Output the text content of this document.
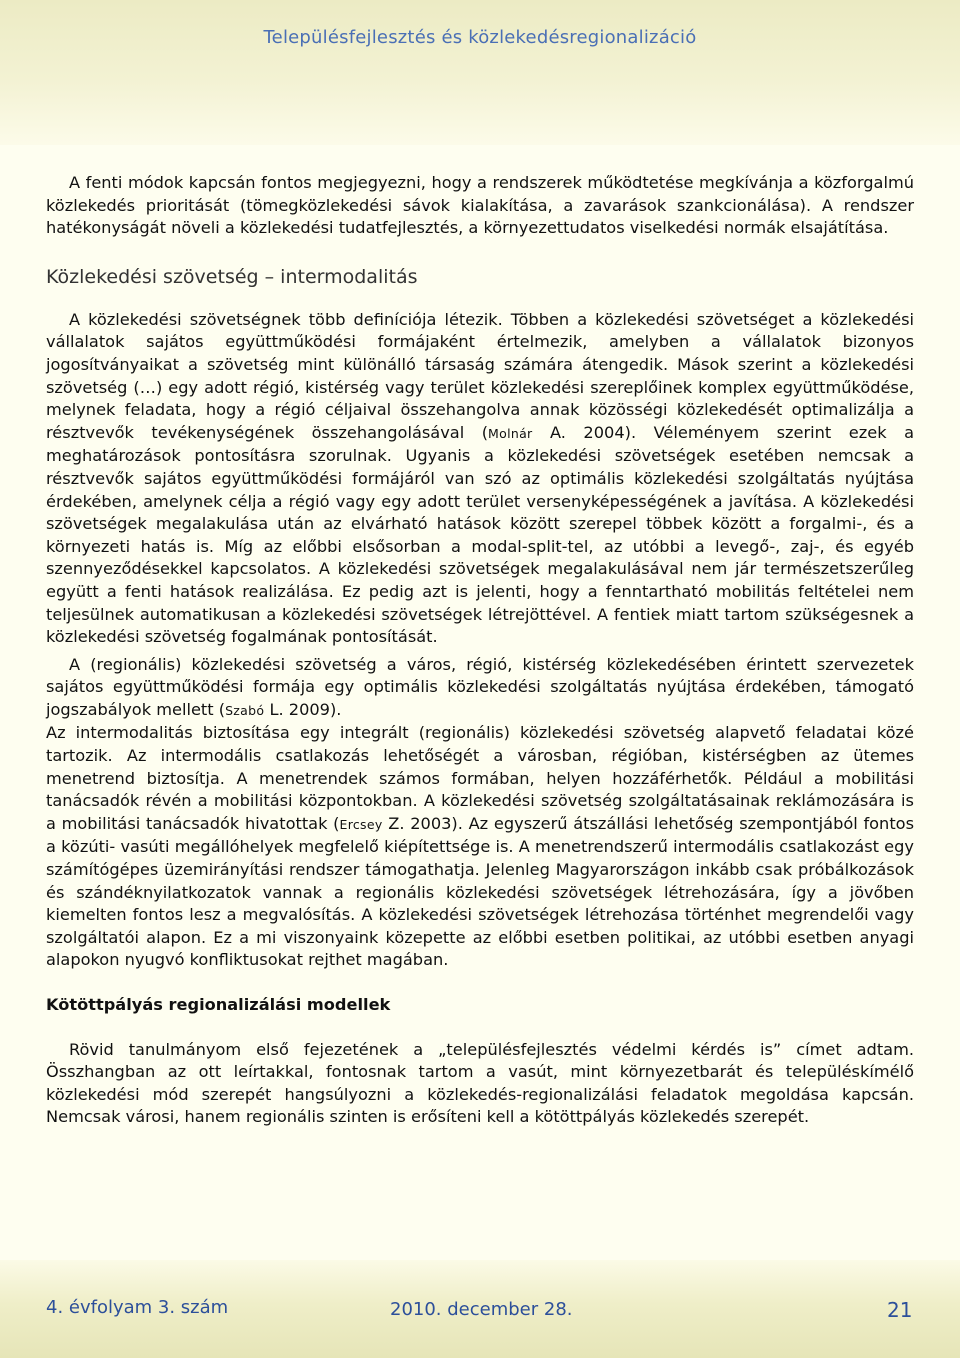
Településfejlesztés és közlekedésregionalizáció

A fenti módok kapcsán fontos megjegyezni, hogy a rendszerek működtetése megkívánja a közforgalmú közlekedés prioritását (tömegközlekedési sávok kialakítása, a zavarások szankcionálása). A rendszer hatékonyságát növeli a közlekedési tudatfejlesztés, a környezettudatos viselkedési normák elsajátítása.

Közlekedési szövetség – intermodalitás

A közlekedési szövetségnek több definíciója létezik. Többen a közlekedési szövetséget a közlekedési vállalatok sajátos együttműködési formájaként értelmezik, amelyben a vállalatok bizonyos jogosítványaikat a szövetség mint különálló társaság számára átengedik. Mások szerint a közlekedési szövetség (…) egy adott régió, kistérség vagy terület közlekedési szereplőinek komplex együttműködése, melynek feladata, hogy a régió céljaival összehangolva annak közösségi közlekedését optimalizálja a résztvevők tevékenységének összehangolásával (Molnár A. 2004). Véleményem szerint ezek a meghatározások pontosításra szorulnak. Ugyanis a közlekedési szövetségek esetében nemcsak a résztvevők sajátos együttműködési formájáról van szó az optimális közlekedési szolgáltatás nyújtása érdekében, amelynek célja a régió vagy egy adott terület versenyképességének a javítása. A közlekedési szövetségek megalakulása után az elvárható hatások között szerepel többek között a forgalmi-, és a környezeti hatás is. Míg az előbbi elsősorban a modal-split-tel, az utóbbi a levegő-, zaj-, és egyéb szennyeződésekkel kapcsolatos. A közlekedési szövetségek megalakulásával nem jár természetszerűleg együtt a fenti hatások realizálása. Ez pedig azt is jelenti, hogy a fenntartható mobilitás feltételei nem teljesülnek automatikusan a közlekedési szövetségek létrejöttével. A fentiek miatt tartom szükségesnek a közlekedési szövetség fogalmának pontosítását.

A (regionális) közlekedési szövetség a város, régió, kistérség közlekedésében érintett szervezetek sajátos együttműködési formája egy optimális közlekedési szolgáltatás nyújtása érdekében, támogató jogszabályok mellett (Szabó L. 2009).

Az intermodalitás biztosítása egy integrált (regionális) közlekedési szövetség alapvető feladatai közé tartozik. Az intermodális csatlakozás lehetőségét a városban, régióban, kistérségben az ütemes menetrend biztosítja. A menetrendek számos formában, helyen hozzáférhetők. Például a mobilitási tanácsadók révén a mobilitási központokban. A közlekedési szövetség szolgáltatásainak reklámozására is a mobilitási tanácsadók hivatottak (Ercsey Z. 2003). Az egyszerű átszállási lehetőség szempontjából fontos a közúti- vasúti megállóhelyek megfelelő kiépítettsége is. A menetrendszerű intermodális csatlakozást egy számítógépes üzemirányítási rendszer támogathatja. Jelenleg Magyarországon inkább csak próbálkozások és szándéknyilatkozatok vannak a regionális közlekedési szövetségek létrehozására, így a jövőben kiemelten fontos lesz a megvalósítás. A közlekedési szövetségek létrehozása történhet megrendelői vagy szolgáltatói alapon. Ez a mi viszonyaink közepette az előbbi esetben politikai, az utóbbi esetben anyagi alapokon nyugvó konfliktusokat rejthet magában.

Kötöttpályás regionalizálási modellek

Rövid tanulmányom első fejezetének a „településfejlesztés védelmi kérdés is” címet adtam. Összhangban az ott leírtakkal, fontosnak tartom a vasút, mint környezetbarát és településkímélő közlekedési mód szerepét hangsúlyozni a közlekedés-regionalizálási feladatok megoldása kapcsán. Nemcsak városi, hanem regionális szinten is erősíteni kell a kötöttpályás közlekedés szerepét.

4. évfolyam 3. szám	2010. december 28.	21
